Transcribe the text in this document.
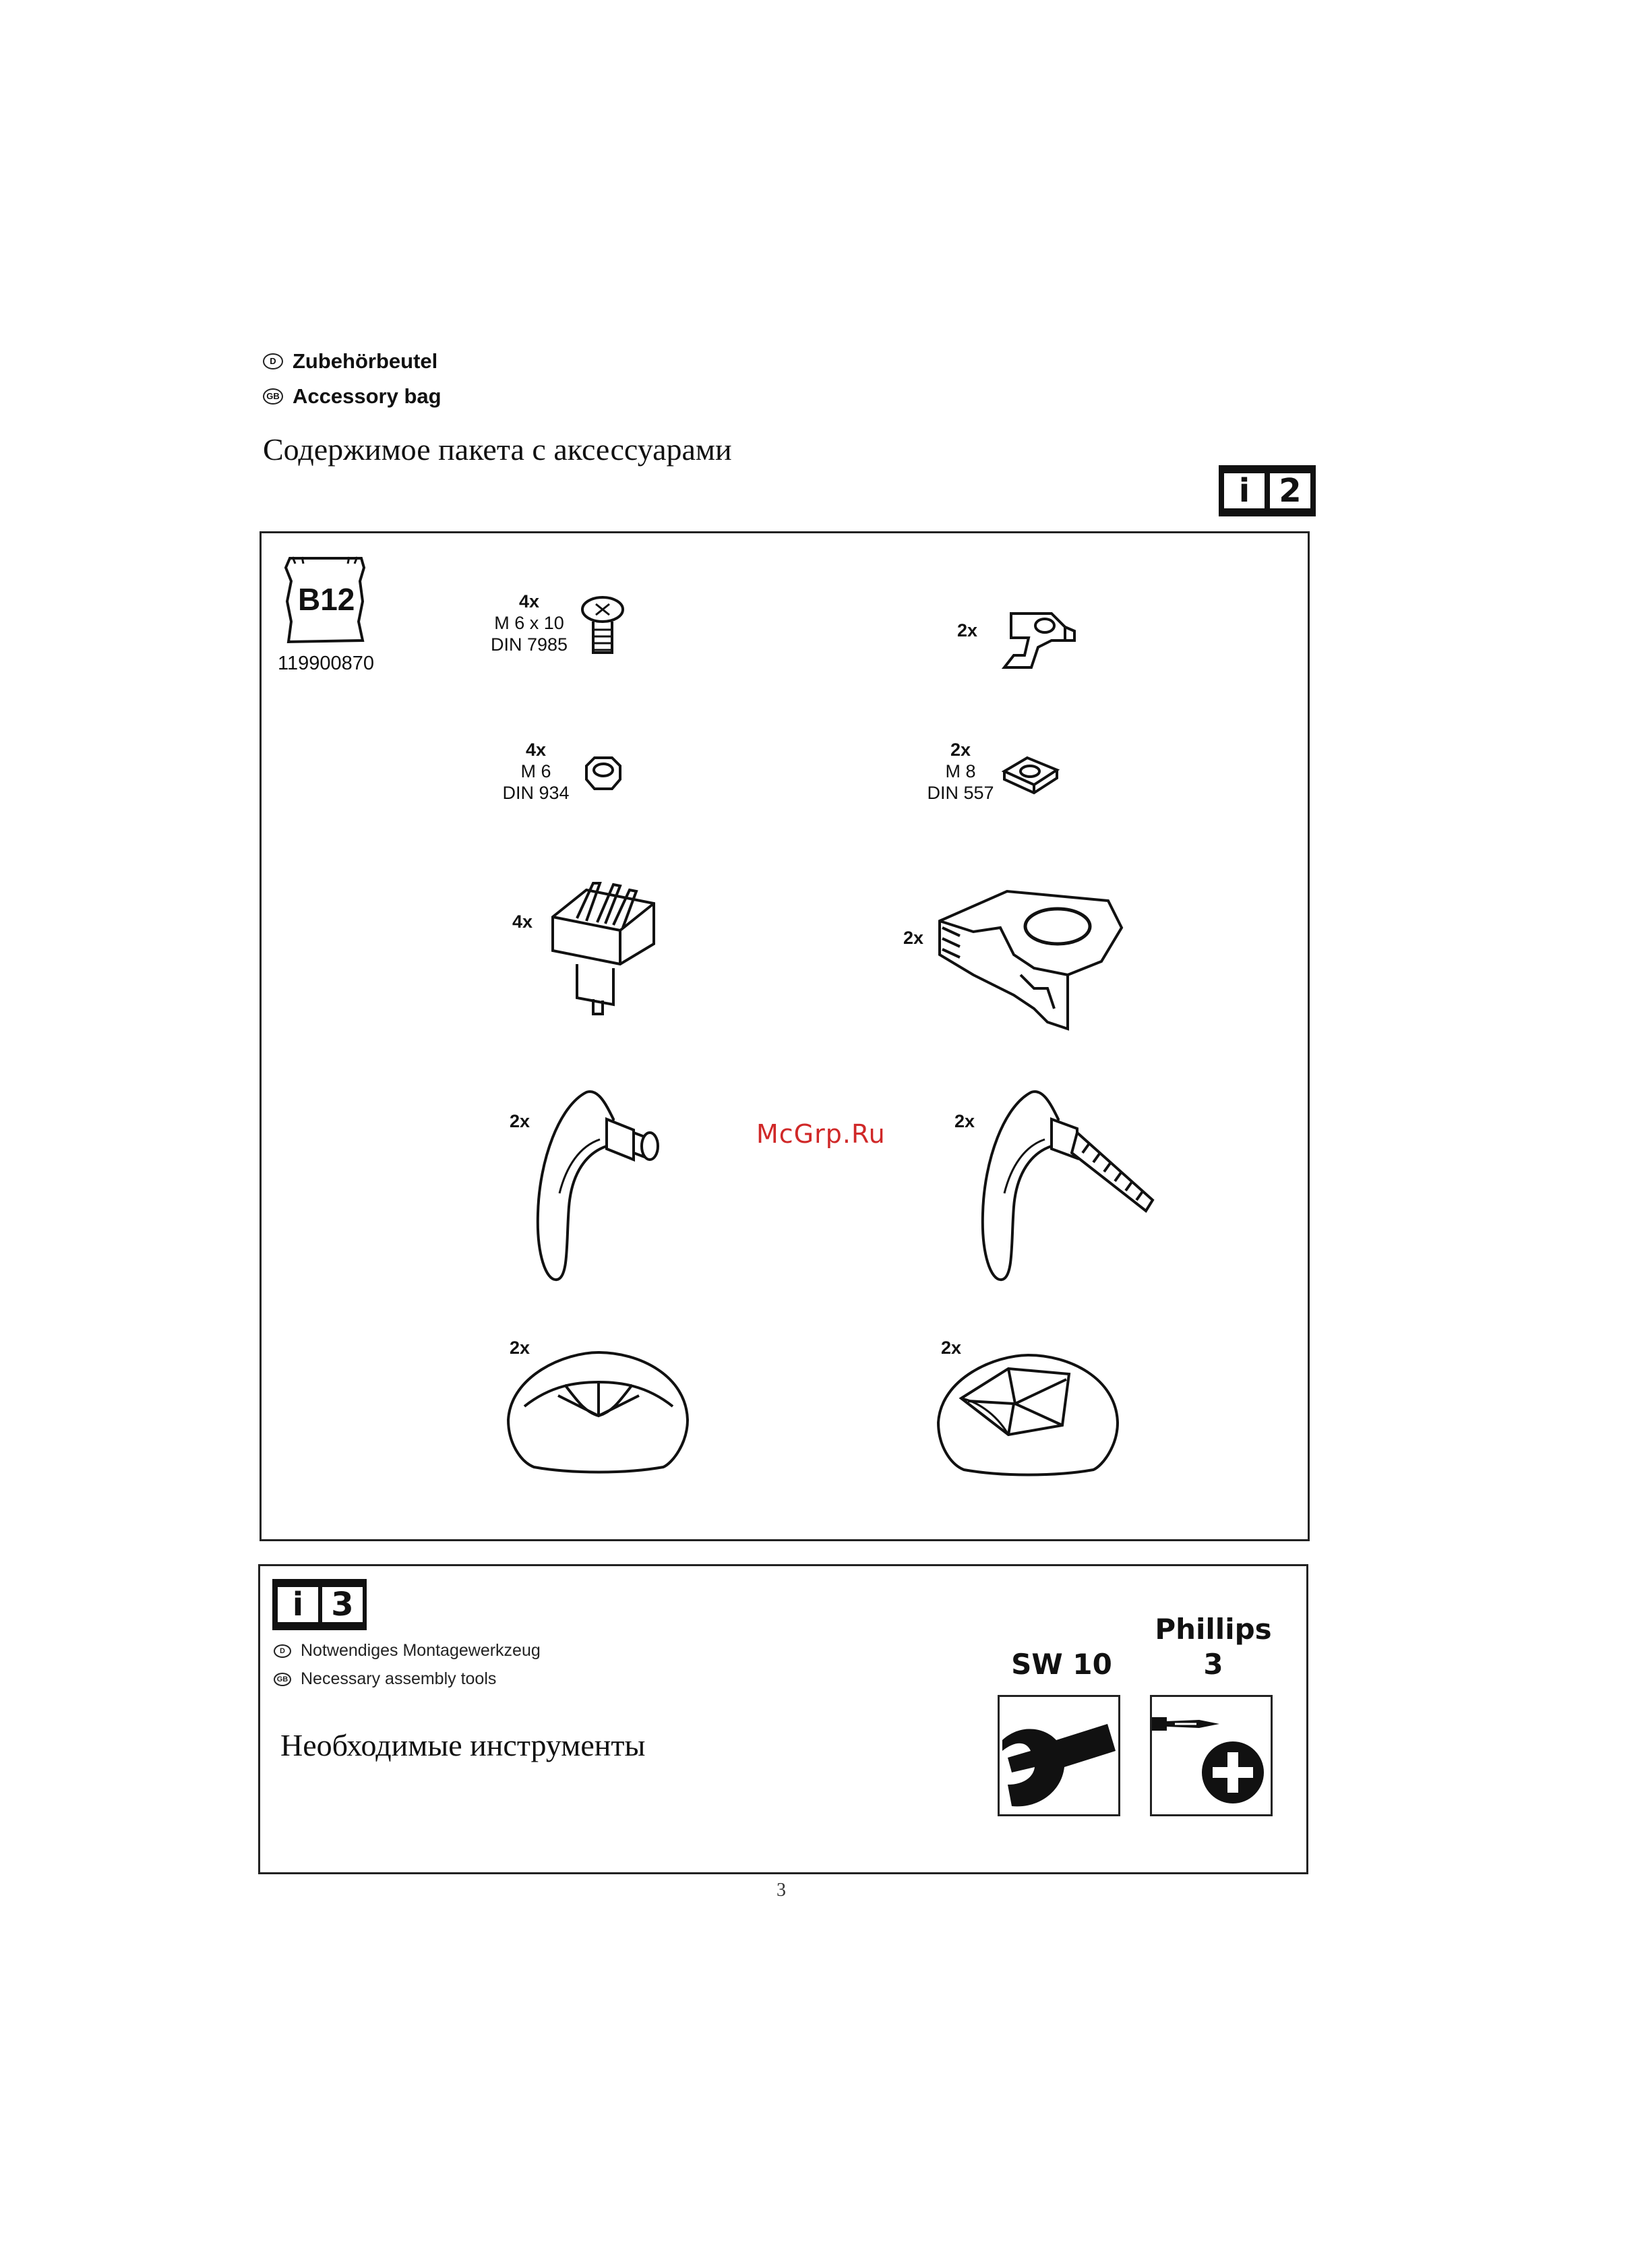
D Zubehörbeutel
GB Accessory bag
Содержимое пакета с аксессуарами
i 2
B12
119900870
4x
M 6 x 10
DIN 7985
2x
4x
M 6
DIN 934
2x
M 8
DIN 557
4x
2x
2x	McGrp.Ru	2x
2x	2x
i 3
D Notwendiges Montagewerkzeug
GB Necessary assembly tools
Необходимые инструменты
SW 10
Phillips
3
3
